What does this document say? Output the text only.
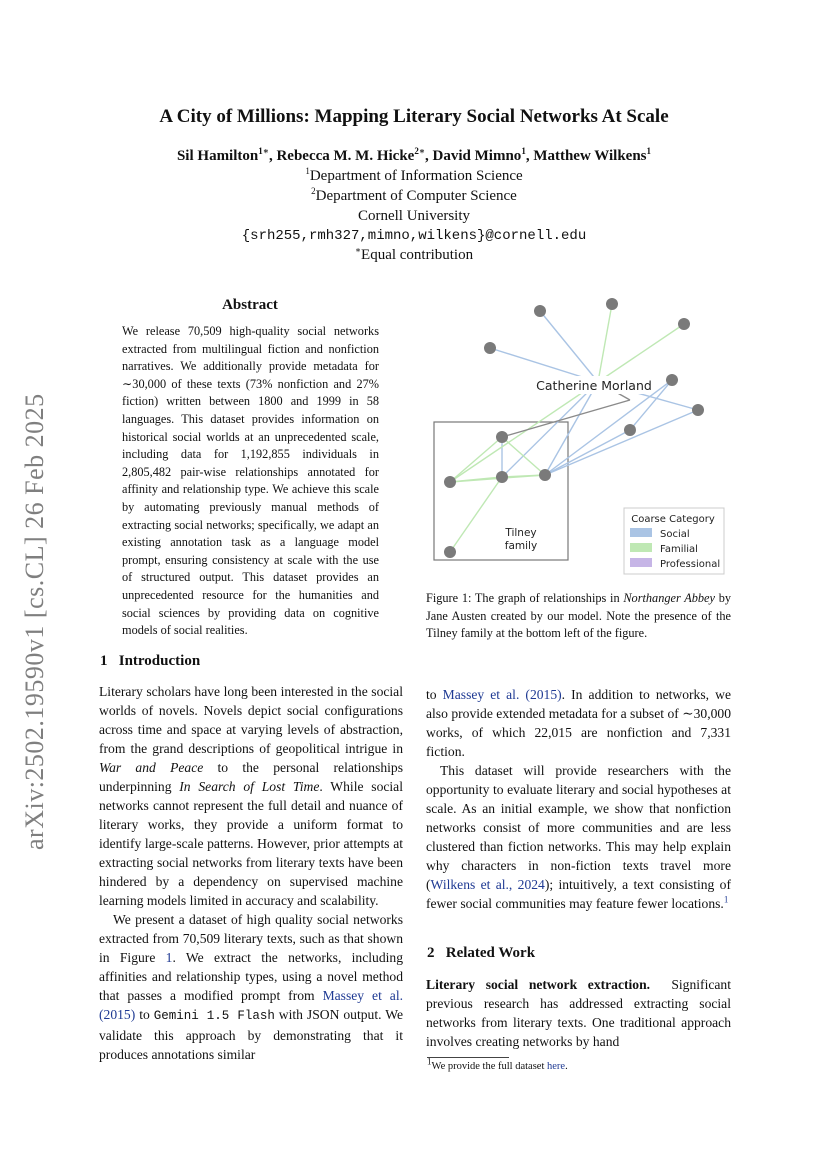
arXiv:2502.19590v1 [cs.CL] 26 Feb 2025
A City of Millions: Mapping Literary Social Networks At Scale
Sil Hamilton$^{1∗}$, Rebecca M. M. Hicke$^{2∗}$, David Mimno$^1$, Matthew Wilkens$^1$
$^1$Department of Information Science
$^2$Department of Computer Science
Cornell University
{srh255,rmh327,mimno,wilkens}@cornell.edu
∗Equal contribution
Abstract
We release 70,509 high-quality social networks extracted from multilingual fiction and nonfiction narratives. We additionally provide metadata for ∼30,000 of these texts (73% nonfiction and 27% fiction) written between 1800 and 1999 in 58 languages. This dataset provides information on historical social worlds at an unprecedented scale, including data for 1,192,855 individuals in 2,805,482 pair-wise relationships annotated for affinity and relationship type. We achieve this scale by automating previously manual methods of extracting social networks; specifically, we adapt an existing annotation task as a language model prompt, ensuring consistency at scale with the use of structured output. This dataset provides an unprecedented resource for the humanities and social sciences by providing data on cognitive models of social realities.
1 Introduction

Literary scholars have long been interested in the social worlds of novels. Novels depict social configurations across time and space at varying levels of abstraction, from the grand descriptions of geopolitical intrigue in War and Peace to the personal relationships underpinning In Search of Lost Time. While social networks cannot represent the full detail and nuance of literary works, they provide a uniform format to identify large-scale patterns. However, prior attempts at extracting social networks from literary texts have been hindered by a dependency on supervised machine learning models limited in accuracy and scalability.

We present a dataset of high quality social networks extracted from 70,509 literary texts, such as that shown in Figure 1. We extract the networks, including affinities and relationship types, using a novel method that passes a modified prompt from Massey et al. (2015) to Gemini 1.5 Flash with JSON output. We validate this approach by demonstrating that it produces annotations similar

to Massey et al. (2015). In addition to networks, we also provide extended metadata for a subset of ∼30,000 works, of which 22,015 are nonfiction and 7,331 fiction.

This dataset will provide researchers with the opportunity to evaluate literary and social hypotheses at scale. As an initial example, we show that nonfiction networks consist of more communities and are less clustered than fiction networks. This may help explain why characters in non-fiction texts travel more (Wilkens et al., 2024); intuitively, a text consisting of fewer social communities may feature fewer locations.$^1$

2 Related Work

Literary social network extraction. Significant previous research has addressed extracting social networks from literary texts. One traditional approach involves creating networks by hand

Catherine Morland
Tilney
family
Coarse Category
Social
Familial
Professional
Figure 1: The graph of relationships in Northanger Abbey by Jane Austen created by our model. Note the presence of the Tilney family at the bottom left of the figure.
$^1$We provide the full dataset here.
